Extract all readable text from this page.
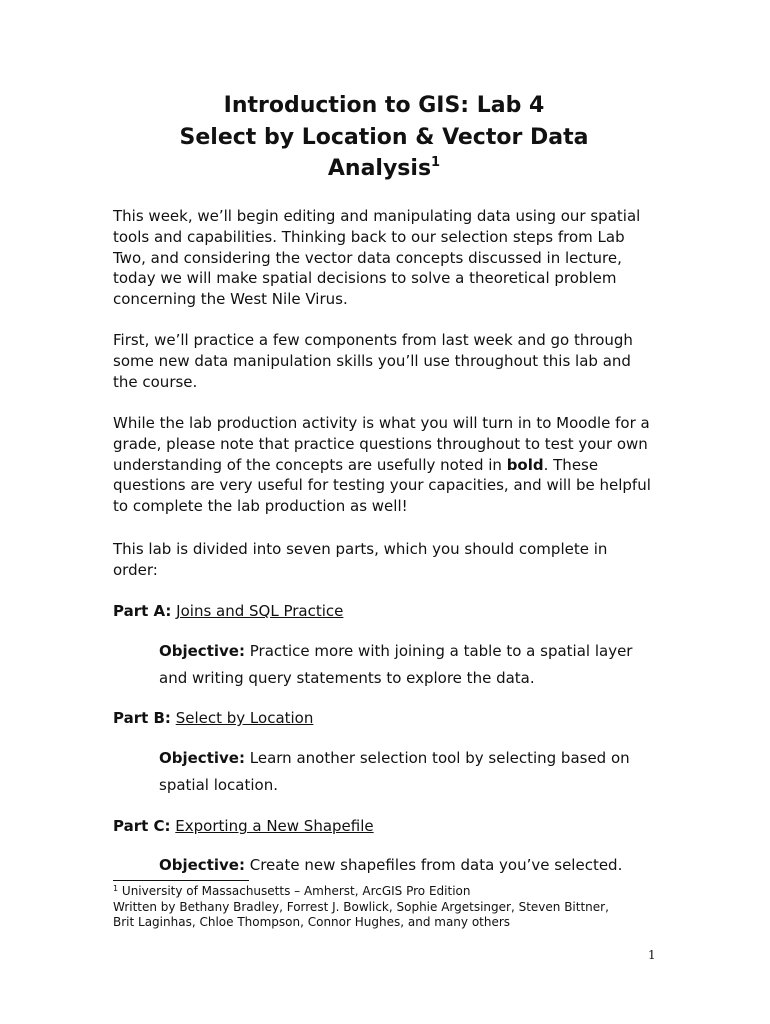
Introduction to GIS: Lab 4
Select by Location & Vector Data
Analysis$^1$

This week, we’ll begin editing and manipulating data using our spatial
tools and capabilities. Thinking back to our selection steps from Lab
Two, and considering the vector data concepts discussed in lecture,
today we will make spatial decisions to solve a theoretical problem
concerning the West Nile Virus.

First, we’ll practice a few components from last week and go through
some new data manipulation skills you’ll use throughout this lab and
the course.

While the lab production activity is what you will turn in to Moodle for a
grade, please note that practice questions throughout to test your own
understanding of the concepts are usefully noted in bold. These
questions are very useful for testing your capacities, and will be helpful
to complete the lab production as well!

This lab is divided into seven parts, which you should complete in
order:

Part A: Joins and SQL Practice

Objective: Practice more with joining a table to a spatial layer
and writing query statements to explore the data.

Part B: Select by Location

Objective: Learn another selection tool by selecting based on
spatial location.

Part C: Exporting a New Shapefile

Objective: Create new shapefiles from data you’ve selected.

$^1$ University of Massachusetts – Amherst, ArcGIS Pro Edition
Written by Bethany Bradley, Forrest J. Bowlick, Sophie Argetsinger, Steven Bittner,
Brit Laginhas, Chloe Thompson, Connor Hughes, and many others

1
